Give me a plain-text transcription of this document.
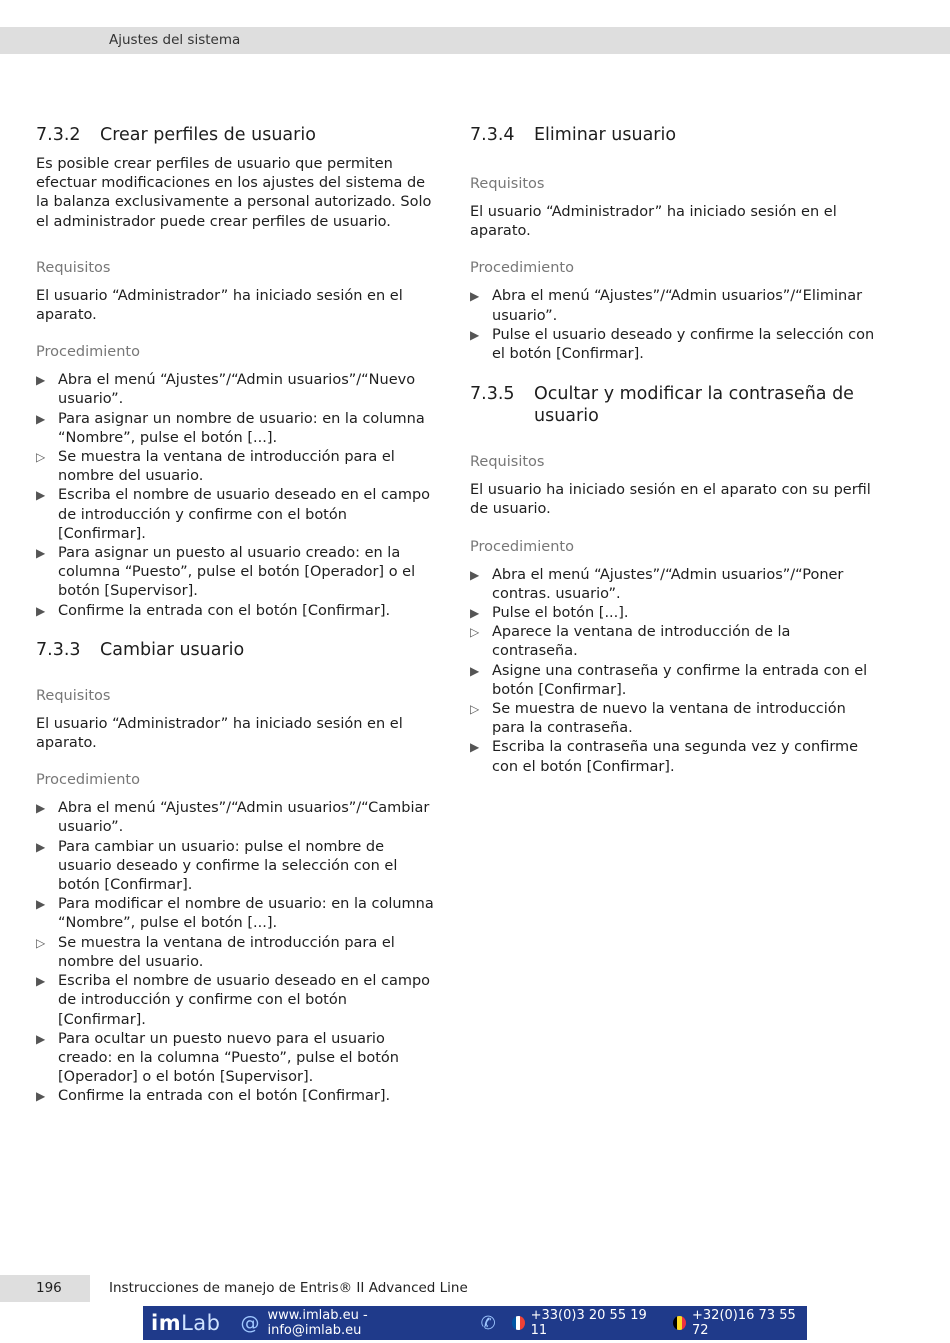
Ajustes del sistema
7.3.2	Crear perfiles de usuario

Es posible crear perfiles de usuario que permiten efectuar modificaciones en los ajustes del sistema de la balanza exclusivamente a personal autorizado. Solo el administrador puede crear perfiles de usuario.

Requisitos

El usuario “Administrador” ha iniciado sesión en el aparato.

Procedimiento
▶ Abra el menú “Ajustes”/“Admin usuarios”/“Nuevo usuario”.
▶ Para asignar un nombre de usuario: en la columna “Nombre”, pulse el botón [...].
▷ Se muestra la ventana de introducción para el nombre del usuario.
▶ Escriba el nombre de usuario deseado en el campo de introducción y confirme con el botón [Confirmar].
▶ Para asignar un puesto al usuario creado: en la columna “Puesto”, pulse el botón [Operador] o el botón [Supervisor].
▶ Confirme la entrada con el botón [Confirmar].
7.3.3	Cambiar usuario
Requisitos

El usuario “Administrador” ha iniciado sesión en el aparato.

Procedimiento
▶ Abra el menú “Ajustes”/“Admin usuarios”/“Cambiar usuario”.
▶ Para cambiar un usuario: pulse el nombre de usuario deseado y confirme la selección con el botón [Confirmar].
▶ Para modificar el nombre de usuario: en la columna “Nombre”, pulse el botón [...].
▷ Se muestra la ventana de introducción para el nombre del usuario.
▶ Escriba el nombre de usuario deseado en el campo de introducción y confirme con el botón [Confirmar].
▶ Para ocultar un puesto nuevo para el usuario creado: en la columna “Puesto”, pulse el botón [Operador] o el botón [Supervisor].
▶ Confirme la entrada con el botón [Confirmar].
7.3.4	Eliminar usuario
Requisitos

El usuario “Administrador” ha iniciado sesión en el aparato.

Procedimiento
▶ Abra el menú “Ajustes”/“Admin usuarios”/“Eliminar usuario”.
▶ Pulse el usuario deseado y confirme la selección con el botón [Confirmar].
7.3.5	Ocultar y modificar la contraseña de usuario
Requisitos

El usuario ha iniciado sesión en el aparato con su perfil de usuario.

Procedimiento
▶ Abra el menú “Ajustes”/“Admin usuarios”/“Poner contras. usuario”.
▶ Pulse el botón [...].
▷ Aparece la ventana de introducción de la contraseña.
▶ Asigne una contraseña y confirme la entrada con el botón [Confirmar].
▷ Se muestra de nuevo la ventana de introducción para la contraseña.
▶ Escriba la contraseña una segunda vez y confirme con el botón [Confirmar].
196	Instrucciones de manejo de Entris® II Advanced Line
imLab @ www.imlab.eu - info@imlab.eu	✆	+33(0)3 20 55 19 11
+32(0)16 73 55 72
